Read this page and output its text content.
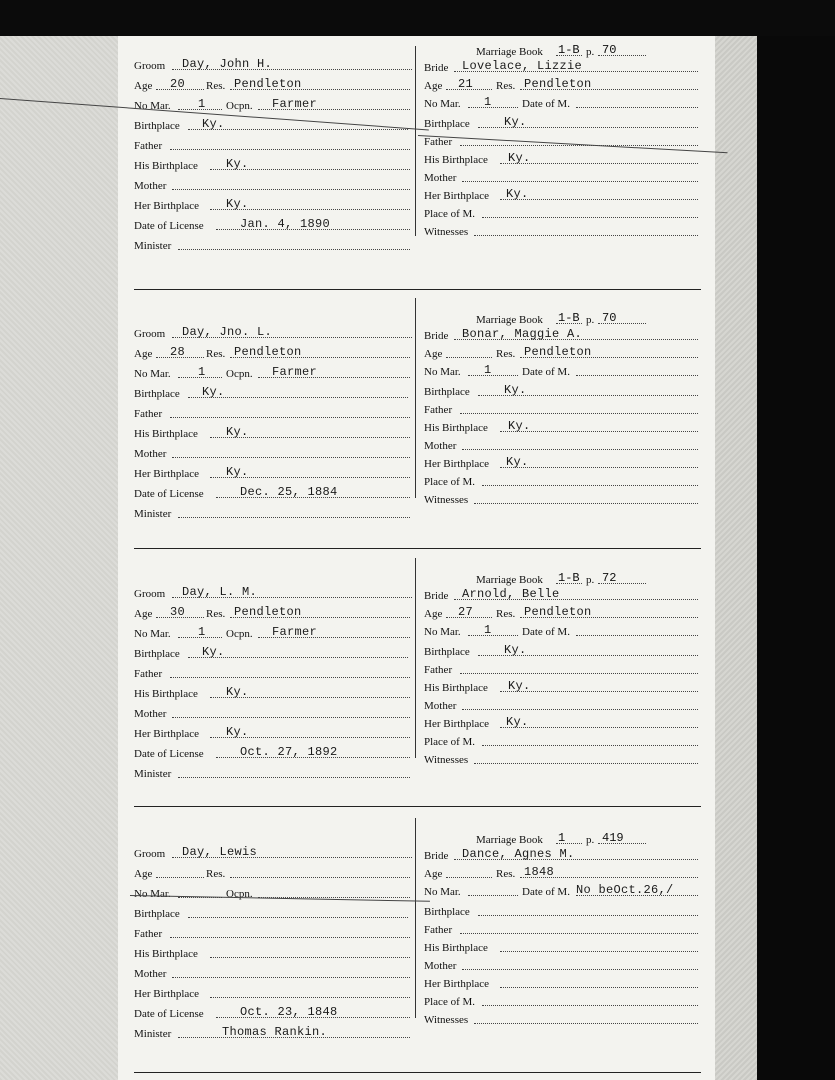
Groom Day, John H.
Age 20 Res. Pendleton
No Mar. 1 Ocpn. Farmer
Birthplace Ky.
Father
His Birthplace Ky.
Mother
Her Birthplace Ky.
Date of License	Jan. 4, 1890
Minister
Marriage Book 1-B p. 70
Bride Lovelace, Lizzie
Age 21 Res. Pendleton
No Mar. 1	Date of M.
Birthplace	Ky.
Father
His Birthplace Ky.
Mother
Her Birthplace Ky.
Place of M.
Witnesses
Groom Day, Jno. L.
Age 28 Res. Pendleton
No Mar. 1 Ocpn. Farmer
Birthplace Ky.
Father
His Birthplace Ky.
Mother
Her Birthplace Ky.
Date of License	Dec. 25, 1884
Minister
Marriage Book 1-B p. 70
Bride Bonar, Maggie A.
Age	Res. Pendleton
No Mar. 1	Date of M.
Birthplace	Ky.
Father
His Birthplace Ky.
Mother
Her Birthplace Ky.
Place of M.
Witnesses
Groom Day, L. M.
Age 30 Res. Pendleton
No Mar. 1 Ocpn. Farmer
Birthplace Ky.
Father
His Birthplace Ky.
Mother
Her Birthplace Ky.
Date of License	Oct. 27, 1892
Minister
Marriage Book 1-B p. 72
Bride Arnold, Belle
Age 27 Res. Pendleton
No Mar. 1	Date of M.
Birthplace	Ky.
Father
His Birthplace Ky.
Mother
Her Birthplace Ky.
Place of M.
Witnesses
Groom Day, Lewis
Age	Res.
No Mar.	Ocpn.
Birthplace
Father
His Birthplace
Mother
Her Birthplace
Date of License	Oct. 23, 1848
Minister	Thomas Rankin.
Marriage Book 1 p. 419
Bride Dance, Agnes M.
Age	Res. 1848
No Mar.	Date of M. No beOct.26,/
Birthplace
Father
His Birthplace
Mother
Her Birthplace
Place of M.
Witnesses
